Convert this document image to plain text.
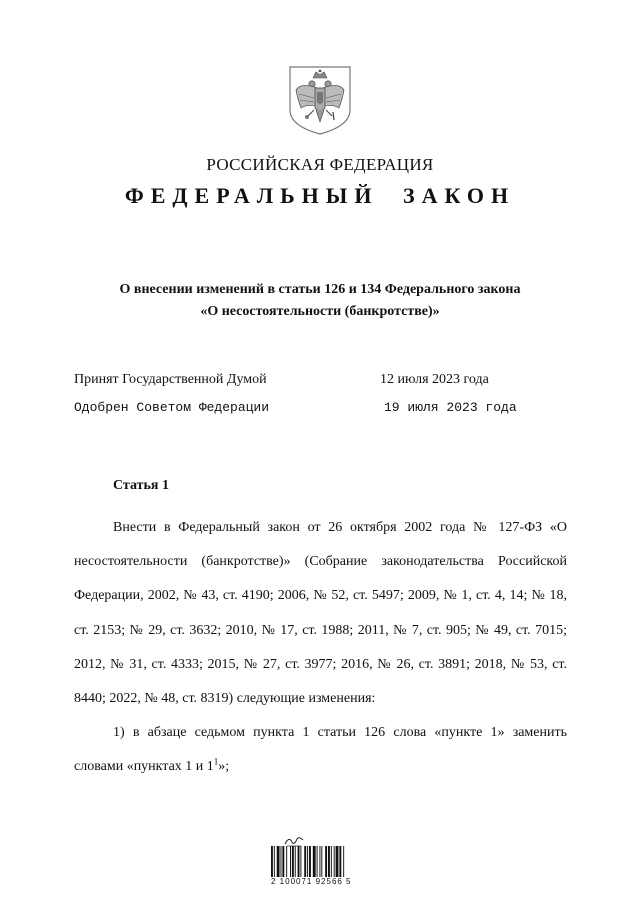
РОССИЙСКАЯ ФЕДЕРАЦИЯ
ФЕДЕРАЛЬНЫЙ ЗАКОН
О внесении изменений в статьи 126 и 134 Федерального закона
«О несостоятельности (банкротстве)»
Принят Государственной Думой	12 июля 2023 года
Одобрен Советом Федерации	19 июля 2023 года
Статья 1

Внести в Федеральный закон от 26 октября 2002 года № 127-ФЗ «О несостоятельности (банкротстве)» (Собрание законодательства Российской Федерации, 2002, № 43, ст. 4190; 2006, № 52, ст. 5497; 2009, № 1, ст. 4, 14; № 18, ст. 2153; № 29, ст. 3632; 2010, № 17, ст. 1988; 2011, № 7, ст. 905; № 49, ст. 7015; 2012, № 31, ст. 4333; 2015, № 27, ст. 3977; 2016, № 26, ст. 3891; 2018, № 53, ст. 8440; 2022, № 48, ст. 8319) следующие изменения:

1) в абзаце седьмом пункта 1 статьи 126 слова «пункте 1» заменить словами «пунктах 1 и $1^1$»;

2 100071 92566 5
